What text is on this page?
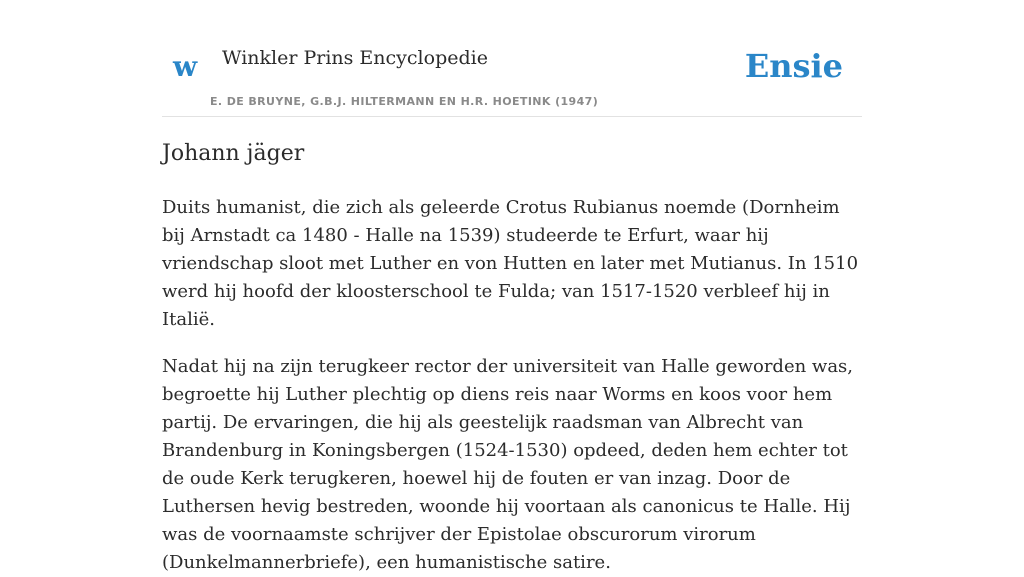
w Winkler Prins Encyclopedie
E. DE BRUYNE, G.B.J. HILTERMANN EN H.R. HOETINK (1947)
Ensie
Johann jäger

Duits humanist, die zich als geleerde Crotus Rubianus noemde (Dornheim bij Arnstadt ca 1480 - Halle na 1539) studeerde te Erfurt, waar hij vriendschap sloot met Luther en von Hutten en later met Mutianus. In 1510 werd hij hoofd der kloosterschool te Fulda; van 1517-1520 verbleef hij in Italië.

Nadat hij na zijn terugkeer rector der universiteit van Halle geworden was, begroette hij Luther plechtig op diens reis naar Worms en koos voor hem partij. De ervaringen, die hij als geestelijk raadsman van Albrecht van Brandenburg in Koningsbergen (1524-1530) opdeed, deden hem echter tot de oude Kerk terugkeren, hoewel hij de fouten er van inzag. Door de Luthersen hevig bestreden, woonde hij voortaan als canonicus te Halle. Hij was de voornaamste schrijver der Epistolae obscurorum virorum (Dunkelmannerbriefe), een humanistische satire.
